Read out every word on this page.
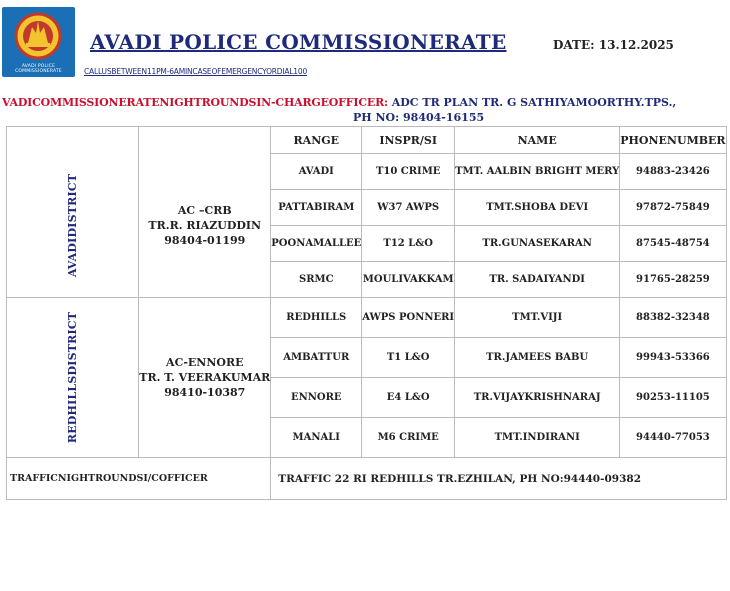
AVADI POLICE COMMISSIONERATE
AVADI POLICE COMMISSIONERATE	DATE: 13.12.2025
CALLUSBETWEEN11PM-6AMINCASEOFEMERGENCYORDIAL100
VADICOMMISSIONERATENIGHTROUNDSIN-CHARGEOFFICER: ADC TR PLAN TR. G SATHIYAMOORTHY.TPS.,
PH NO: 98404-16155
		RANGE	INSPR/SI	NAME	PHONENUMBER
AVADIDISTRICT	AC –CRB
TR.R. RIAZUDDIN
98404-01199	AVADI	T10 CRIME	TMT. AALBIN BRIGHT MERY	94883-23426
		PATTABIRAM	W37 AWPS	TMT.SHOBA DEVI	97872-75849
		POONAMALLEE	T12 L&O	TR.GUNASEKARAN	87545-48754
		SRMC	MOULIVAKKAM	TR. SADAIYANDI	91765-28259
REDHILLSDISTRICT	AC-ENNORE
TR. T. VEERAKUMAR
98410-10387	REDHILLS	AWPS PONNERI	TMT.VIJI	88382-32348
		AMBATTUR	T1 L&O	TR.JAMEES BABU	99943-53366
		ENNORE	E4 L&O	TR.VIJAYKRISHNARAJ	90253-11105
		MANALI	M6 CRIME	TMT.INDIRANI	94440-77053
TRAFFICNIGHTROUNDSI/COFFICER		TRAFFIC 22 RI REDHILLS TR.EZHILAN, PH NO:94440-09382			
